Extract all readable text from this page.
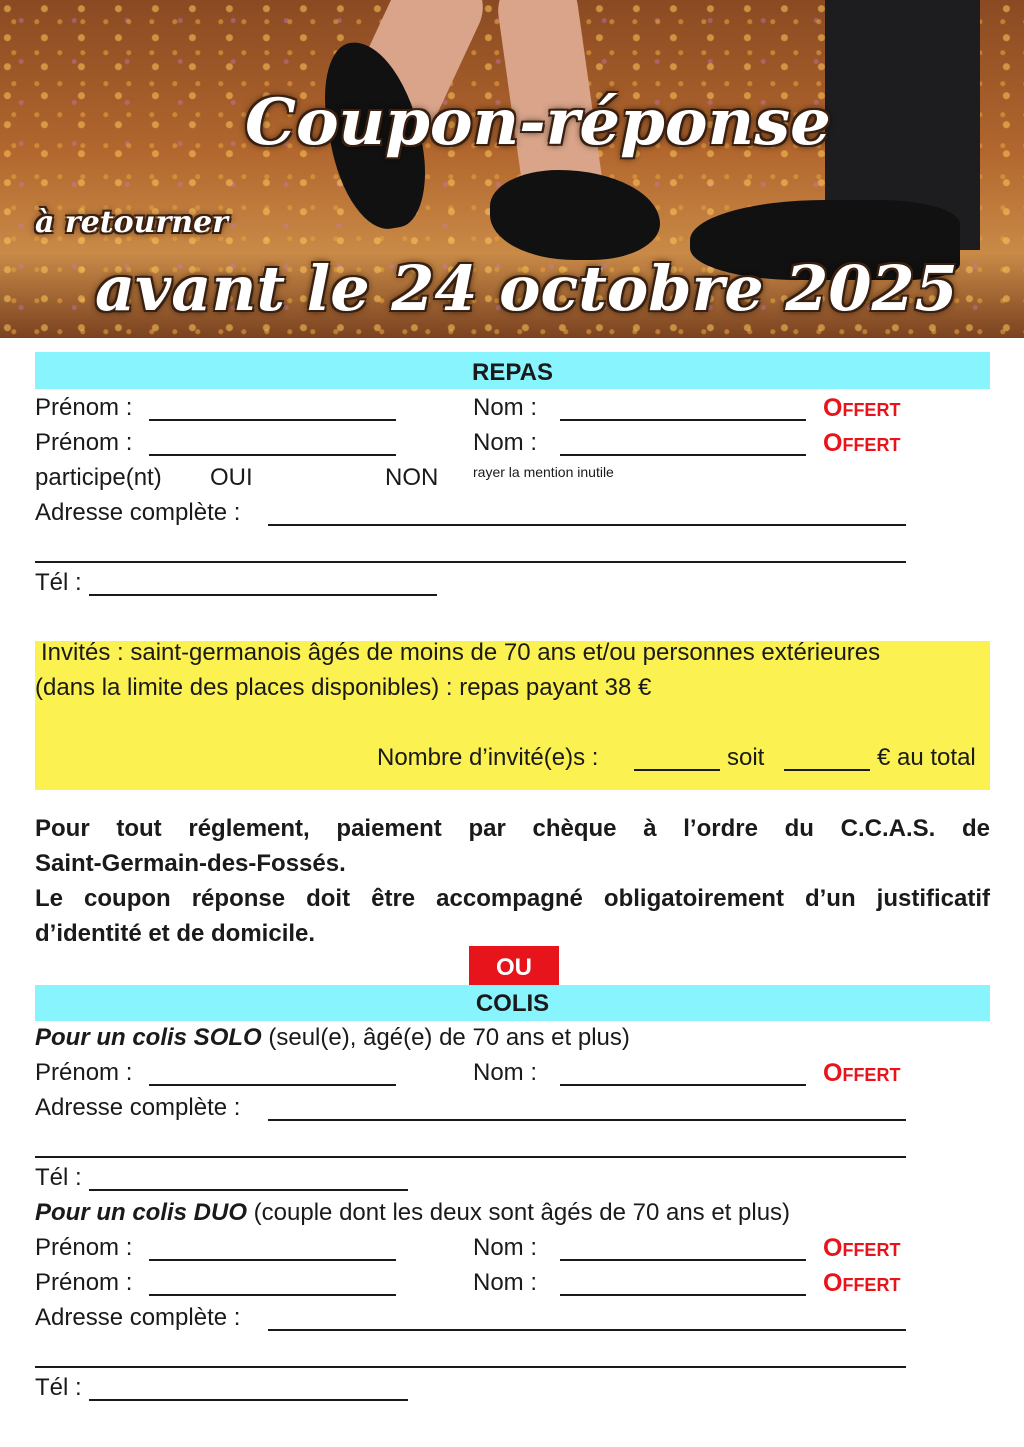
Coupon-réponse
à retourner
avant le 24 octobre 2025
REPAS
Prénom :	Nom :	Offert
Prénom :	Nom :	Offert
participe(nt) OUI	NON rayer la mention inutile
Adresse complète :
Tél :
Invités : saint-germanois âgés de moins de 70 ans et/ou personnes extérieures
(dans la limite des places disponibles) : repas payant 38 €
Nombre d’invité(e)s :	soit	€ au total
Pour tout réglement, paiement par chèque à l’ordre du C.C.A.S. de
Saint-Germain-des-Fossés.
Le coupon réponse doit être accompagné obligatoirement d’un justificatif
d’identité et de domicile.
OU
COLIS
Pour un colis SOLO (seul(e), âgé(e) de 70 ans et plus)
Prénom :	Nom :	Offert
Adresse complète :
Tél :
Pour un colis DUO (couple dont les deux sont âgés de 70 ans et plus)
Prénom :	Nom :	Offert
Prénom :	Nom :	Offert
Adresse complète :
Tél :
